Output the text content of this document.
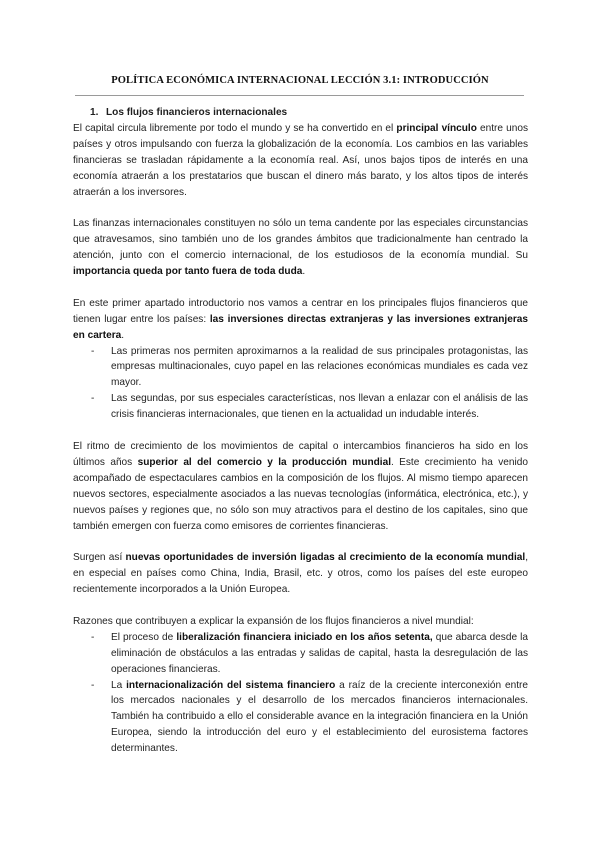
POLÍTICA ECONÓMICA INTERNACIONAL LECCIÓN 3.1: INTRODUCCIÓN
1. Los flujos financieros internacionales

El capital circula libremente por todo el mundo y se ha convertido en el principal vínculo entre unos países y otros impulsando con fuerza la globalización de la economía. Los cambios en las variables financieras se trasladan rápidamente a la economía real. Así, unos bajos tipos de interés en una economía atraerán a los prestatarios que buscan el dinero más barato, y los altos tipos de interés atraerán a los inversores.

Las finanzas internacionales constituyen no sólo un tema candente por las especiales circunstancias que atravesamos, sino también uno de los grandes ámbitos que tradicionalmente han centrado la atención, junto con el comercio internacional, de los estudiosos de la economía mundial. Su importancia queda por tanto fuera de toda duda.

En este primer apartado introductorio nos vamos a centrar en los principales flujos financieros que tienen lugar entre los países: las inversiones directas extranjeras y las inversiones extranjeras en cartera.

- Las primeras nos permiten aproximarnos a la realidad de sus principales protagonistas, las empresas multinacionales, cuyo papel en las relaciones económicas mundiales es cada vez mayor.
- Las segundas, por sus especiales características, nos llevan a enlazar con el análisis de las crisis financieras internacionales, que tienen en la actualidad un indudable interés.

El ritmo de crecimiento de los movimientos de capital o intercambios financieros ha sido en los últimos años superior al del comercio y la producción mundial. Este crecimiento ha venido acompañado de espectaculares cambios en la composición de los flujos. Al mismo tiempo aparecen nuevos sectores, especialmente asociados a las nuevas tecnologías (informática, electrónica, etc.), y nuevos países y regiones que, no sólo son muy atractivos para el destino de los capitales, sino que también emergen con fuerza como emisores de corrientes financieras.

Surgen así nuevas oportunidades de inversión ligadas al crecimiento de la economía mundial, en especial en países como China, India, Brasil, etc. y otros, como los países del este europeo recientemente incorporados a la Unión Europea.

Razones que contribuyen a explicar la expansión de los flujos financieros a nivel mundial:

- El proceso de liberalización financiera iniciado en los años setenta, que abarca desde la eliminación de obstáculos a las entradas y salidas de capital, hasta la desregulación de las operaciones financieras.
- La internacionalización del sistema financiero a raíz de la creciente interconexión entre los mercados nacionales y el desarrollo de los mercados financieros internacionales. También ha contribuido a ello el considerable avance en la integración financiera en la Unión Europea, siendo la introducción del euro y el establecimiento del eurosistema factores determinantes.
